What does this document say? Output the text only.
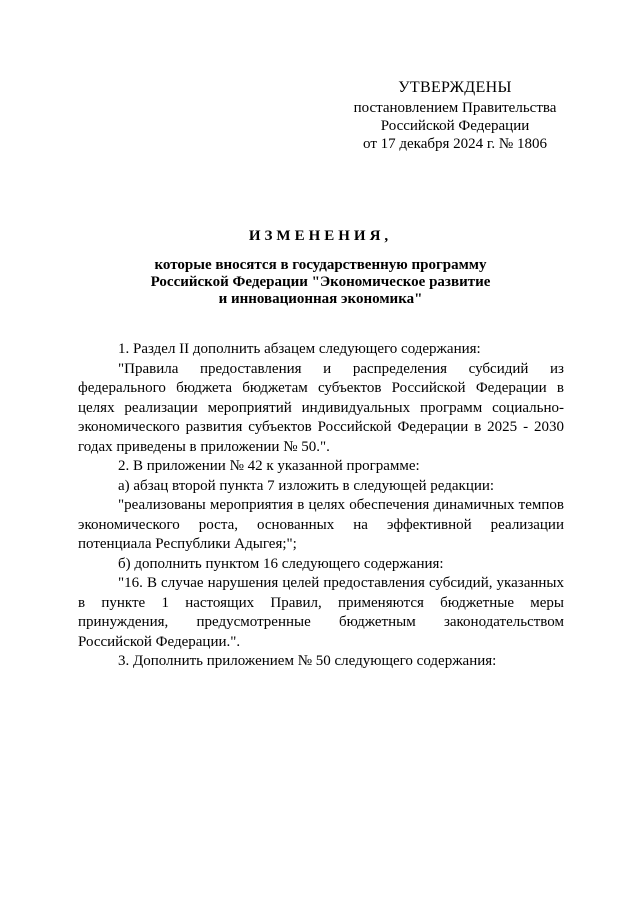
УТВЕРЖДЕНЫ
постановлением Правительства
Российской Федерации
от 17 декабря 2024 г. № 1806
ИЗМЕНЕНИЯ,
которые вносятся в государственную программу
Российской Федерации "Экономическое развитие
и инновационная экономика"

1. Раздел II дополнить абзацем следующего содержания:

"Правила предоставления и распределения субсидий из федерального бюджета бюджетам субъектов Российской Федерации в целях реализации мероприятий индивидуальных программ социально-экономического развития субъектов Российской Федерации в 2025 - 2030 годах приведены в приложении № 50.".

2. В приложении № 42 к указанной программе:

а) абзац второй пункта 7 изложить в следующей редакции:

"реализованы мероприятия в целях обеспечения динамичных темпов экономического роста, основанных на эффективной реализации потенциала Республики Адыгея;";

б) дополнить пунктом 16 следующего содержания:

"16. В случае нарушения целей предоставления субсидий, указанных в пункте 1 настоящих Правил, применяются бюджетные меры принуждения, предусмотренные бюджетным законодательством Российской Федерации.".

3. Дополнить приложением № 50 следующего содержания:
